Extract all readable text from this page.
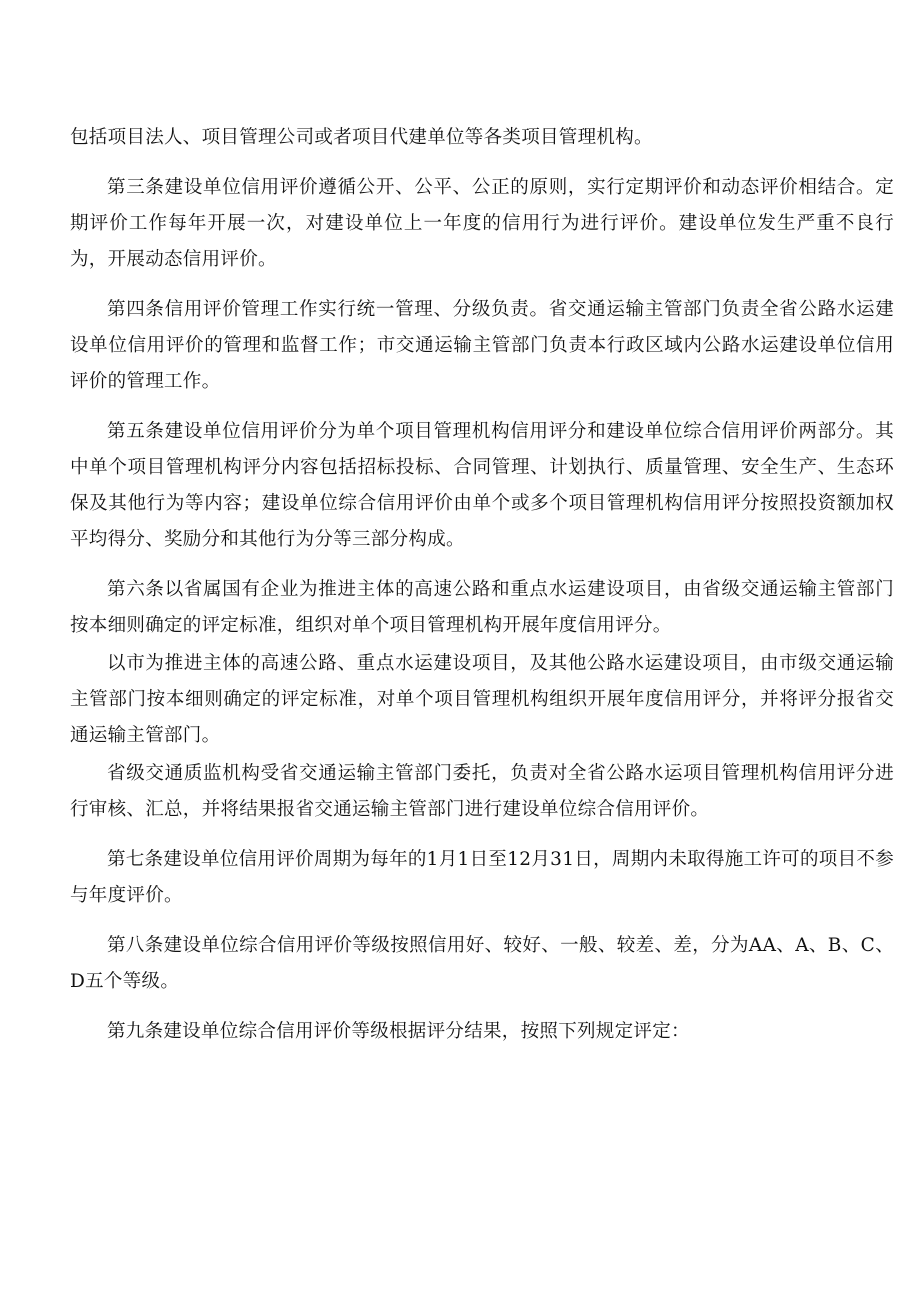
包括项目法人、项目管理公司或者项目代建单位等各类项目管理机构。

第三条建设单位信用评价遵循公开、公平、公正的原则，实行定期评价和动态评价相结合。定期评价工作每年开展一次，对建设单位上一年度的信用行为进行评价。建设单位发生严重不良行为，开展动态信用评价。

第四条信用评价管理工作实行统一管理、分级负责。省交通运输主管部门负责全省公路水运建设单位信用评价的管理和监督工作；市交通运输主管部门负责本行政区域内公路水运建设单位信用评价的管理工作。

第五条建设单位信用评价分为单个项目管理机构信用评分和建设单位综合信用评价两部分。其中单个项目管理机构评分内容包括招标投标、合同管理、计划执行、质量管理、安全生产、生态环保及其他行为等内容；建设单位综合信用评价由单个或多个项目管理机构信用评分按照投资额加权平均得分、奖励分和其他行为分等三部分构成。

第六条以省属国有企业为推进主体的高速公路和重点水运建设项目，由省级交通运输主管部门按本细则确定的评定标准，组织对单个项目管理机构开展年度信用评分。

以市为推进主体的高速公路、重点水运建设项目，及其他公路水运建设项目，由市级交通运输主管部门按本细则确定的评定标准，对单个项目管理机构组织开展年度信用评分，并将评分报省交通运输主管部门。

省级交通质监机构受省交通运输主管部门委托，负责对全省公路水运项目管理机构信用评分进行审核、汇总，并将结果报省交通运输主管部门进行建设单位综合信用评价。

第七条建设单位信用评价周期为每年的1月1日至12月31日，周期内未取得施工许可的项目不参与年度评价。

第八条建设单位综合信用评价等级按照信用好、较好、一般、较差、差，分为AA、A、B、C、D五个等级。

第九条建设单位综合信用评价等级根据评分结果，按照下列规定评定：
